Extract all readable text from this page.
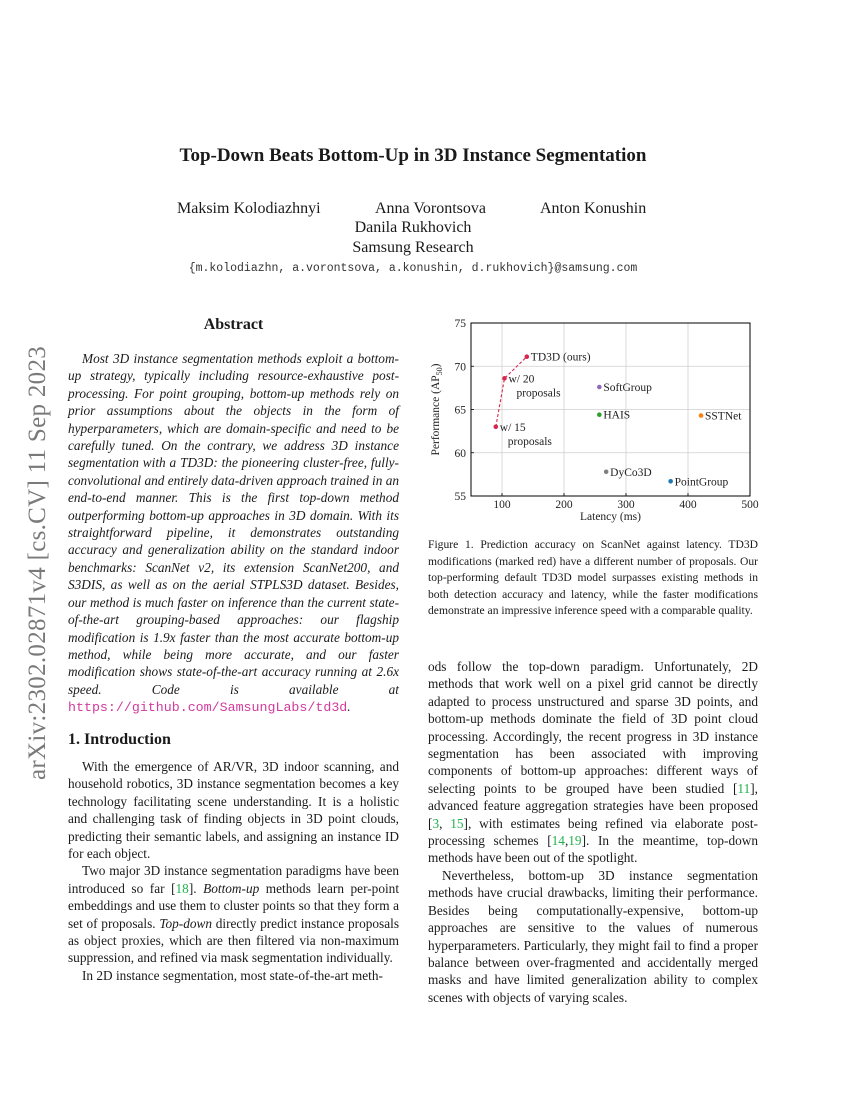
arXiv:2302.02871v4 [cs.CV] 11 Sep 2023
Top-Down Beats Bottom-Up in 3D Instance Segmentation
Maksim Kolodiazhnyi	Anna Vorontsova	Anton Konushin
Danila Rukhovich
Samsung Research
{m.kolodiazhn, a.vorontsova, a.konushin, d.rukhovich}@samsung.com
Abstract

Most 3D instance segmentation methods exploit a bottom-up strategy, typically including resource-exhaustive post-processing. For point grouping, bottom-up methods rely on prior assumptions about the objects in the form of hyperparameters, which are domain-specific and need to be carefully tuned. On the contrary, we address 3D instance segmentation with a TD3D: the pioneering cluster-free, fully-convolutional and entirely data-driven approach trained in an end-to-end manner. This is the first top-down method outperforming bottom-up approaches in 3D domain. With its straightforward pipeline, it demonstrates outstanding accuracy and generalization ability on the standard indoor benchmarks: ScanNet v2, its extension ScanNet200, and S3DIS, as well as on the aerial STPLS3D dataset. Besides, our method is much faster on inference than the current state-of-the-art grouping-based approaches: our flagship modification is 1.9x faster than the most accurate bottom-up method, while being more accurate, and our faster modification shows state-of-the-art accuracy running at 2.6x speed. Code is available at https://github.com/SamsungLabs/td3d.

1. Introduction

With the emergence of AR/VR, 3D indoor scanning, and household robotics, 3D instance segmentation becomes a key technology facilitating scene understanding. It is a holistic and challenging task of finding objects in 3D point clouds, predicting their semantic labels, and assigning an instance ID for each object.

Two major 3D instance segmentation paradigms have been introduced so far [18]. Bottom-up methods learn per-point embeddings and use them to cluster points so that they form a set of proposals. Top-down directly predict instance proposals as object proxies, which are then filtered via non-maximum suppression, and refined via mask segmentation individually.

In 2D instance segmentation, most state-of-the-art meth-

100	200	300	400	500
55
60
65
70
75
Latency (ms)
Performance $(AP_{50})$
TD3D (ours)
w/ 20
proposals
w/ 15
proposals
SoftGroup
HAIS	SSTNet
DyCo3D
PointGroup
Figure 1. Prediction accuracy on ScanNet against latency. TD3D modifications (marked red) have a different number of proposals. Our top-performing default TD3D model surpasses existing methods in both detection accuracy and latency, while the faster modifications demonstrate an impressive inference speed with a comparable quality.

ods follow the top-down paradigm. Unfortunately, 2D methods that work well on a pixel grid cannot be directly adapted to process unstructured and sparse 3D points, and bottom-up methods dominate the field of 3D point cloud processing. Accordingly, the recent progress in 3D instance segmentation has been associated with improving components of bottom-up approaches: different ways of selecting points to be grouped have been studied [11], advanced feature aggregation strategies have been proposed [3, 15], with estimates being refined via elaborate post-processing schemes [14,19]. In the meantime, top-down methods have been out of the spotlight.

Nevertheless, bottom-up 3D instance segmentation methods have crucial drawbacks, limiting their performance. Besides being computationally-expensive, bottom-up approaches are sensitive to the values of numerous hyperparameters. Particularly, they might fail to find a proper balance between over-fragmented and accidentally merged masks and have limited generalization ability to complex scenes with objects of varying scales.
